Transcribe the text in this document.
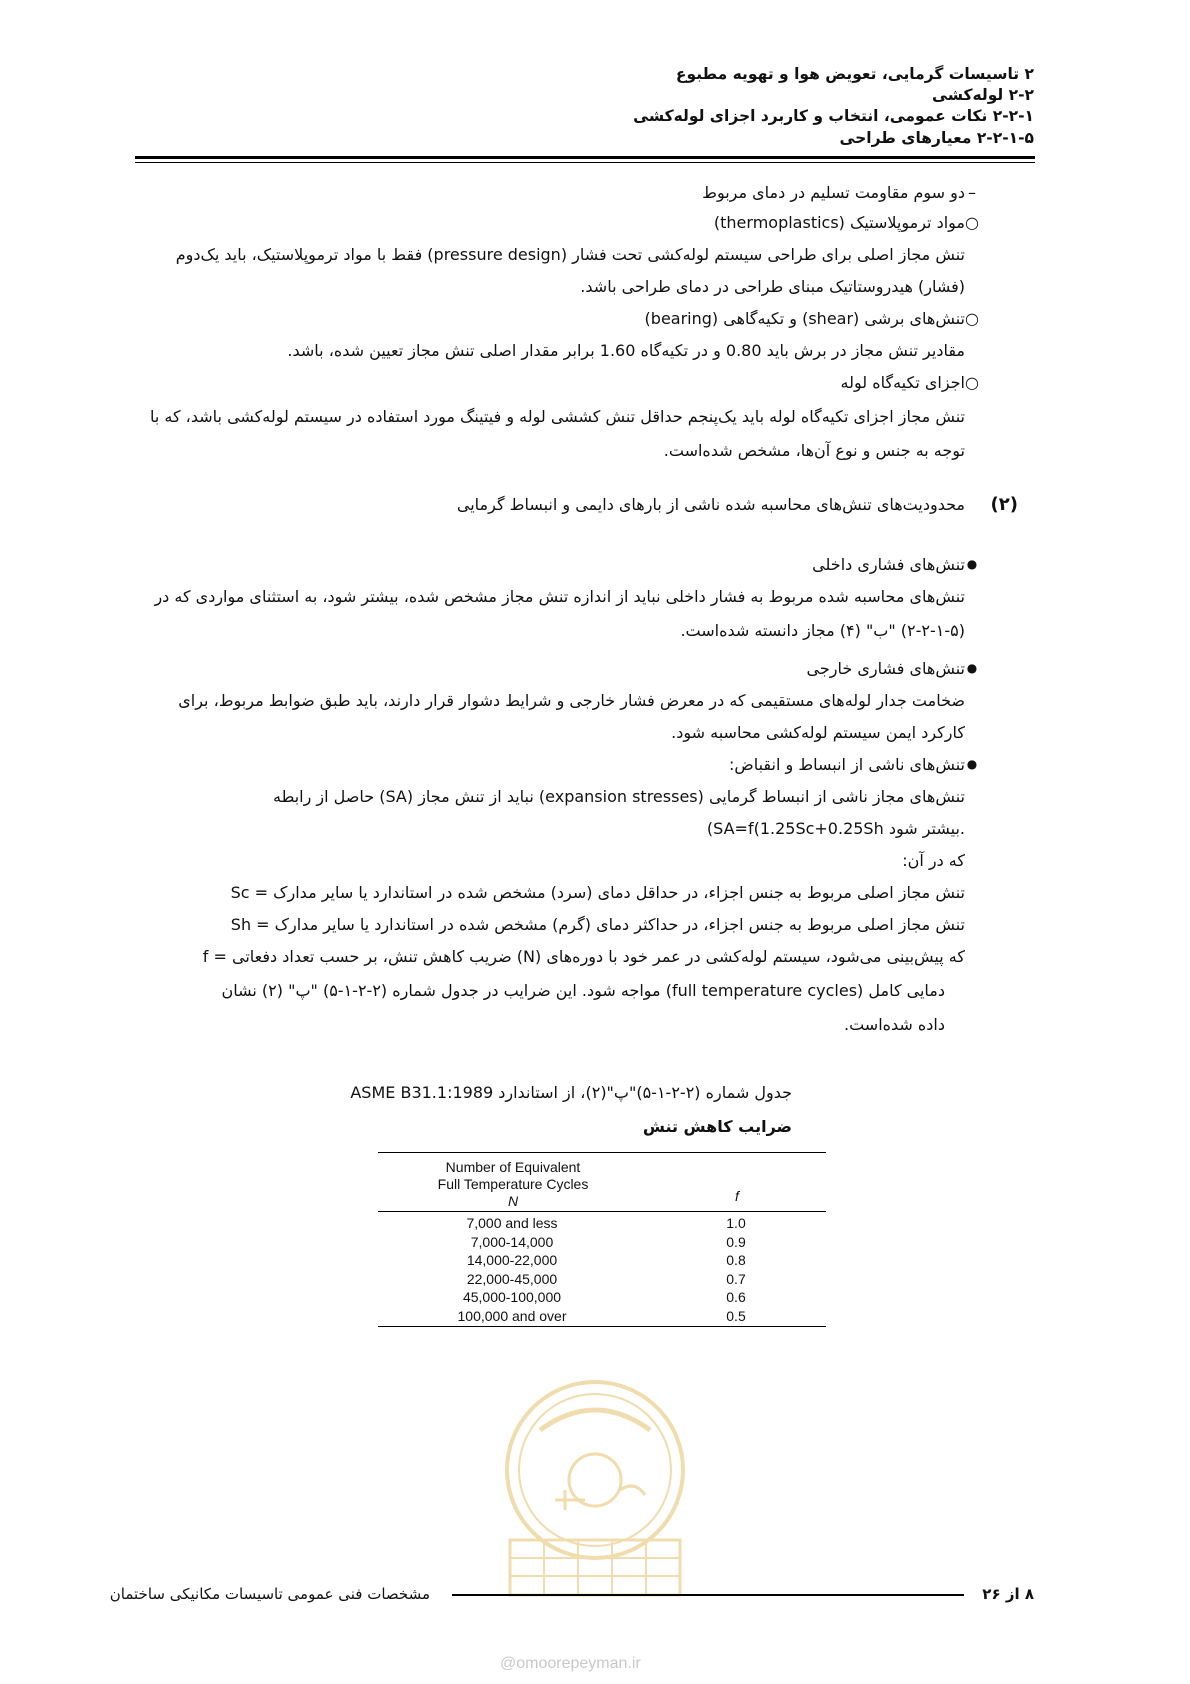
۲ تاسیسات گرمایی، تعویض هوا و تهویه مطبوع
۲-۲ لوله‌کشی
۲-۲-۱ نکات عمومی، انتخاب و کاربرد اجزای لوله‌کشی
۲-۲-۱-۵ معیارهای طراحی
–
دو سوم مقاومت تسلیم در دمای مربوط
○
مواد ترموپلاستیک (thermoplastics)
تنش مجاز اصلی برای طراحی سیستم لوله‌کشی تحت فشار (pressure design) فقط با مواد ترموپلاستیک، باید یک‌دوم
(فشار) هیدروستاتیک مبنای طراحی در دمای طراحی باشد.
○
تنش‌های برشی (shear) و تکیه‌گاهی (bearing)
مقادیر تنش مجاز در برش باید 0.80 و در تکیه‌گاه 1.60 برابر مقدار اصلی تنش مجاز تعیین شده، باشد.
○
اجزای تکیه‌گاه لوله
تنش مجاز اجزای تکیه‌گاه لوله باید یک‌پنجم حداقل تنش کششی لوله و فیتینگ مورد استفاده در سیستم لوله‌کشی باشد، که با
توجه به جنس و نوع آن‌ها، مشخص شده‌است.
(۲)
محدودیت‌های تنش‌های محاسبه شده ناشی از بارهای دایمی و انبساط گرمایی
●
تنش‌های فشاری داخلی
تنش‌های محاسبه شده مربوط به فشار داخلی نباید از اندازه تنش مجاز مشخص شده، بیشتر شود، به استثنای مواردی که در
(۲-۲-۱-۵) "ب" (۴) مجاز دانسته شده‌است.
●
تنش‌های فشاری خارجی
ضخامت جدار لوله‌های مستقیمی که در معرض فشار خارجی و شرایط دشوار قرار دارند، باید طبق ضوابط مربوط، برای
کارکرد ایمن سیستم لوله‌کشی محاسبه شود.
●
تنش‌های ناشی از انبساط و انقباض:
تنش‌های مجاز ناشی از انبساط گرمایی (expansion stresses) نباید از تنش مجاز (SA) حاصل از رابطه
(SA=f(1.25Sc+0.25Sh بیشتر شود.
که در آن:
Sc = تنش مجاز اصلی مربوط به جنس اجزاء، در حداقل دمای (سرد) مشخص شده در استاندارد یا سایر مدارک
Sh = تنش مجاز اصلی مربوط به جنس اجزاء، در حداکثر دمای (گرم) مشخص شده در استاندارد یا سایر مدارک
f = ضریب کاهش تنش، بر حسب تعداد دفعاتی (N) که پیش‌بینی می‌شود، سیستم لوله‌کشی در عمر خود با دوره‌های
دمایی کامل (full temperature cycles) مواجه شود. این ضرایب در جدول شماره (۲-۲-۱-۵) "پ" (۲) نشان
داده شده‌است.
جدول شماره (۲-۲-۱-۵)"پ"(۲)، از استاندارد ASME B31.1:1989
ضرایب کاهش تنش
Number of Equivalent
Full Temperature Cycles
N	f
7,000 and less	1.0
7,000-14,000	0.9
14,000-22,000	0.8
22,000-45,000	0.7
45,000-100,000	0.6
100,000 and over	0.5
۸ از ۲۶
مشخصات فنی عمومی تاسیسات مکانیکی ساختمان
@omoorepeyman.ir
